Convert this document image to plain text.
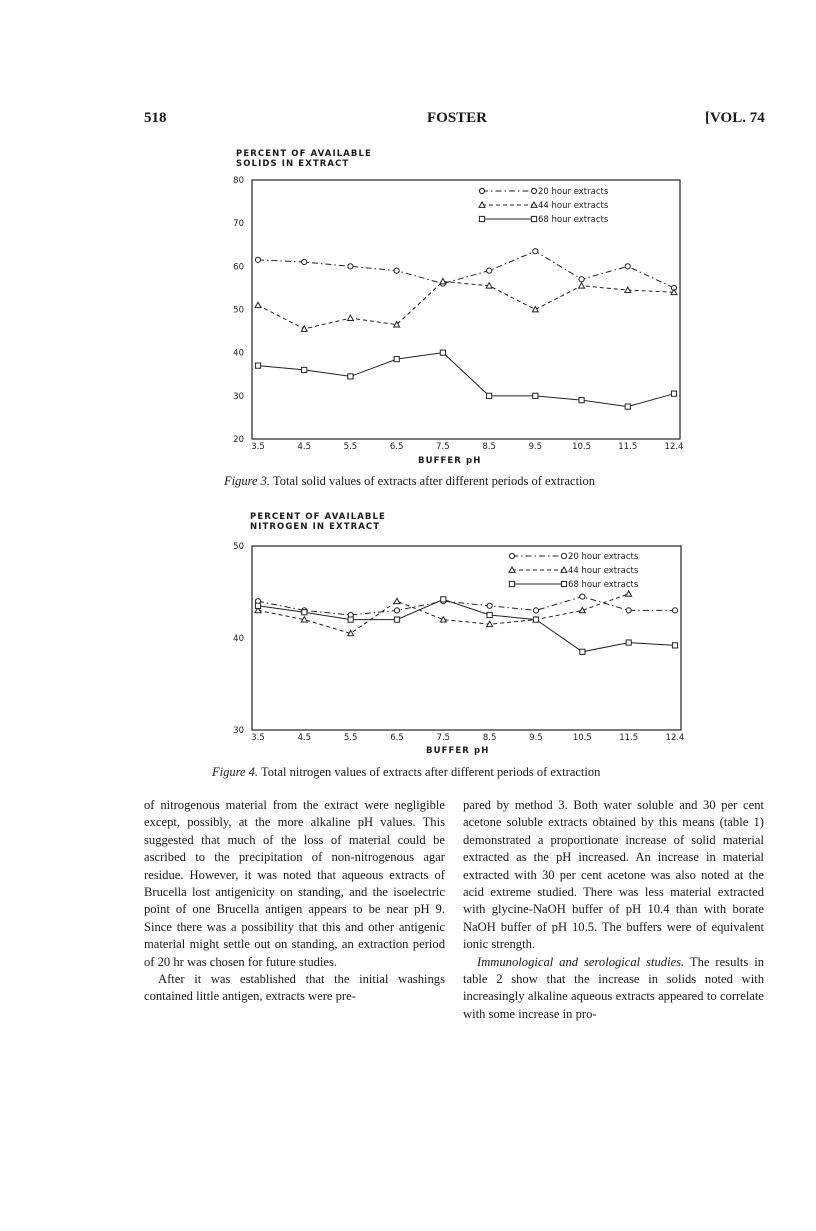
518	FOSTER	[VOL. 74
PERCENT OF AVAILABLE
SOLIDS IN EXTRACT
20
30
40
50
60
70
80
3.5	4.5	5.5	6.5	7.5	8.5	9.5	10.5	11.5	12.4
20 hour extracts
44 hour extracts
68 hour extracts
BUFFER pH
Figure 3. Total solid values of extracts after different periods of extraction
PERCENT OF AVAILABLE
NITROGEN IN EXTRACT
30
40
50
3.5	4.5	5.5	6.5	7.5	8.5	9.5	10.5	11.5	12.4
20 hour extracts
44 hour extracts
68 hour extracts
BUFFER pH
Figure 4. Total nitrogen values of extracts after different periods of extraction

of nitrogenous material from the extract were negligible except, possibly, at the more alkaline pH values. This suggested that much of the loss of material could be ascribed to the precipitation of non-nitrogenous agar residue. However, it was noted that aqueous extracts of Brucella lost antigenicity on standing, and the isoelectric point of one Brucella antigen appears to be near pH 9. Since there was a possibility that this and other antigenic material might settle out on standing, an extraction period of 20 hr was chosen for future studies.

After it was established that the initial washings contained little antigen, extracts were pre-

pared by method 3. Both water soluble and 30 per cent acetone soluble extracts obtained by this means (table 1) demonstrated a proportionate increase of solid material extracted as the pH increased. An increase in material extracted with 30 per cent acetone was also noted at the acid extreme studied. There was less material extracted with glycine-NaOH buffer of pH 10.4 than with borate NaOH buffer of pH 10.5. The buffers were of equivalent ionic strength.

Immunological and serological studies. The results in table 2 show that the increase in solids noted with increasingly alkaline aqueous extracts appeared to correlate with some increase in pro-
